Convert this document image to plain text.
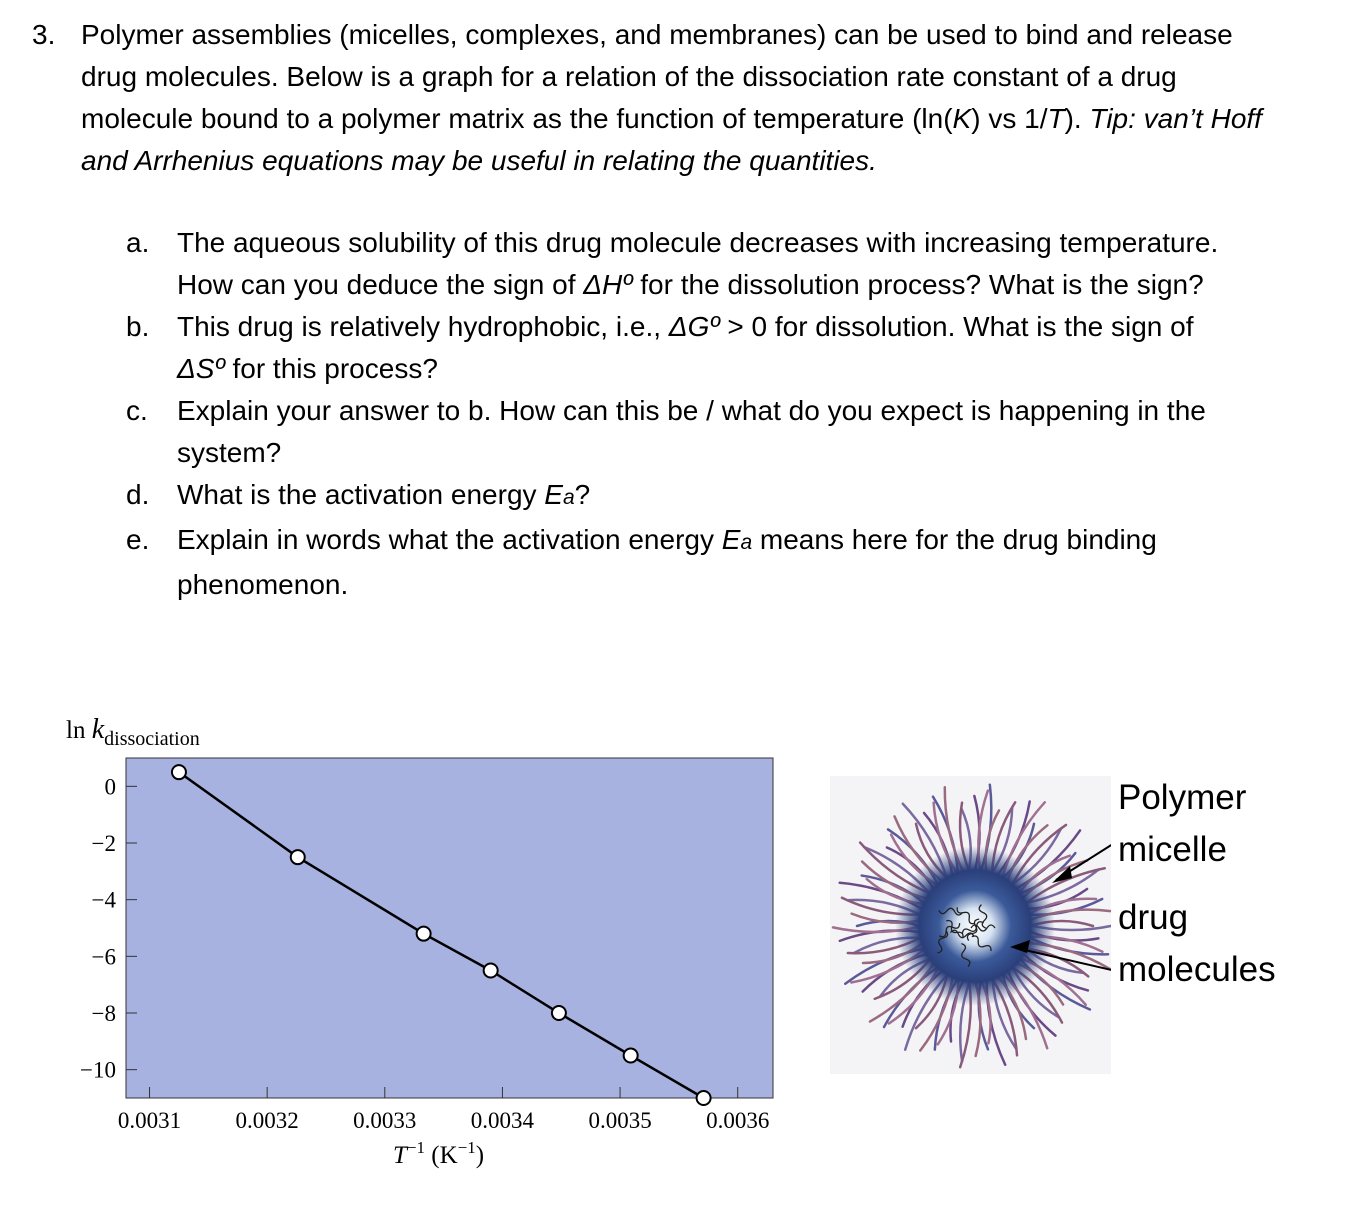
3. Polymer assemblies (micelles, complexes, and membranes) can be used to bind and release drug molecules. Below is a graph for a relation of the dissociation rate constant of a drug molecule bound to a polymer matrix as the function of temperature (ln(K) vs 1/T). Tip: van’t Hoff and Arrhenius equations may be useful in relating the quantities.
a. The aqueous solubility of this drug molecule decreases with increasing temperature. How can you deduce the sign of ΔHº for the dissolution process? What is the sign?
b. This drug is relatively hydrophobic, i.e., ΔGº > 0 for dissolution. What is the sign of ΔSº for this process?
c.	Explain your answer to b. How can this be / what do you expect is happening in the system?
d. What is the activation energy Ea?
e. Explain in words what the activation energy Ea means here for the drug binding phenomenon.
$\ln k_{dissociation}$
0
−2
−4
−6
−8
−10
0.0031 0.0032 0.0033 0.0034 0.0035 0.0036
$T^{-1}$ $(K^{-1})$
Polymer
micelle
drug
molecules
